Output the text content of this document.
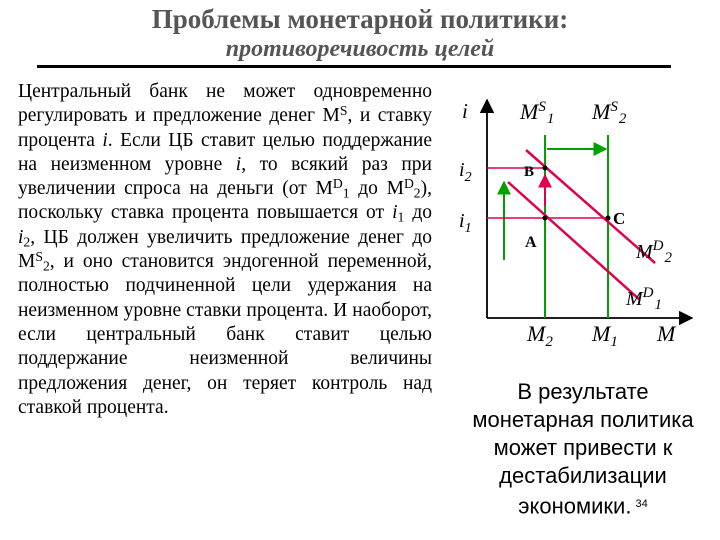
Проблемы монетарной политики:
противоречивость целей
Центральный банк не может одновременно регулировать и предложение денег $M^S$, и ставку процента i. Если ЦБ ставит целью поддержание на неизменном уровне i, то всякий раз при увеличении спроса на деньги (от $M^D_1$ до $M^D_2$), поскольку ставка процента повышается от $i_1$ до $i_2$, ЦБ должен увеличить предложение денег до $M^S_2$, и оно становится эндогенной переменной, полностью подчиненной цели удержания на неизменном уровне ставки процента. И наоборот, если центральный банк ставит целью поддержание неизменной величины предложения денег, он теряет контроль над ставкой процента.
i
M
$M^S_1$ $M^S_2$
$M^D_2$
$M^D_1$
$i_2$
$i_1$
$M_2$ $M_1$
A
B
C
В результате
монетарная политика
может привести к
дестабилизации
экономики. $^{34}$
